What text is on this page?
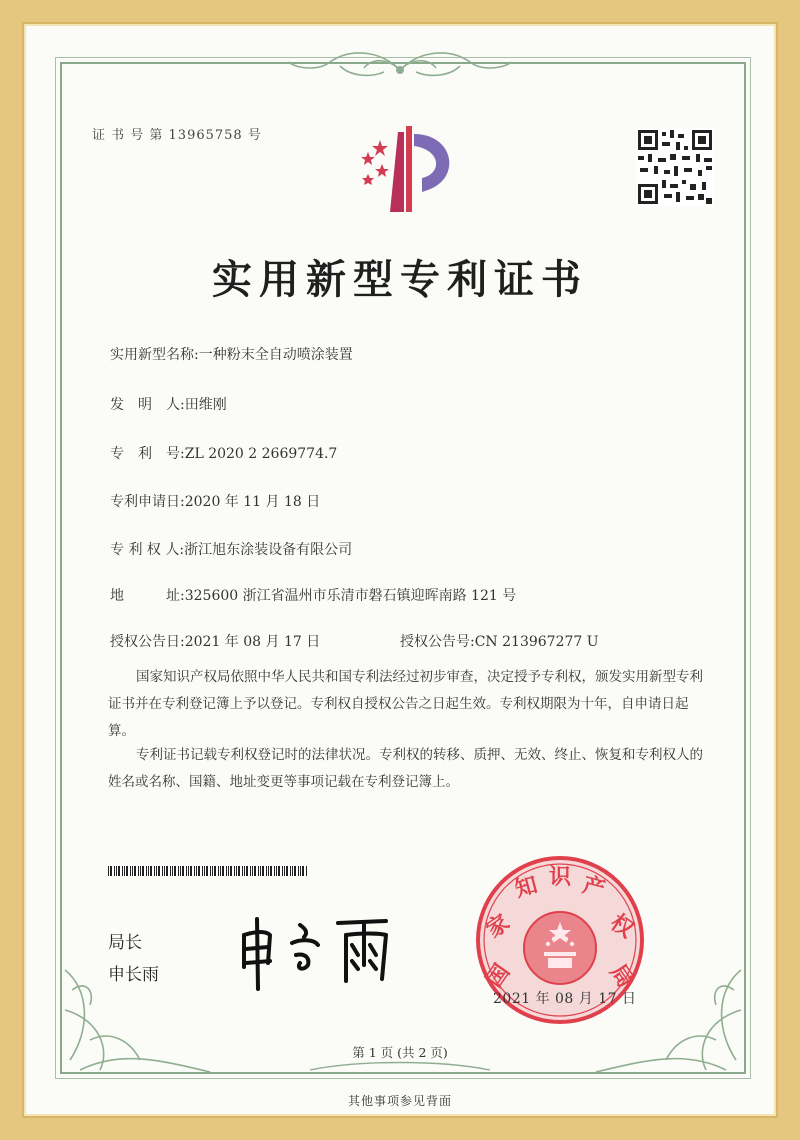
证 书 号 第 13965758 号
实用新型专利证书
实用新型名称:一种粉末全自动喷涂装置
发　明　人:田维刚
专　利　号:ZL 2020 2 2669774.7
专利申请日:2020 年 11 月 18 日
专 利 权 人:浙江旭东涂装设备有限公司
地　　　址:325600 浙江省温州市乐清市磐石镇迎晖南路 121 号
授权公告日:2021 年 08 月 17 日	授权公告号:CN 213967277 U
国家知识产权局依照中华人民共和国专利法经过初步审查，决定授予专利权，颁发实用新型专利证书并在专利登记簿上予以登记。专利权自授权公告之日起生效。专利权期限为十年，自申请日起算。
专利证书记载专利权登记时的法律状况。专利权的转移、质押、无效、终止、恢复和专利权人的姓名或名称、国籍、地址变更等事项记载在专利登记簿上。
局长
申长雨	国
家
知 识 产
权
局
2021 年 08 月 17 日
第 1 页 (共 2 页)
其他事项参见背面
